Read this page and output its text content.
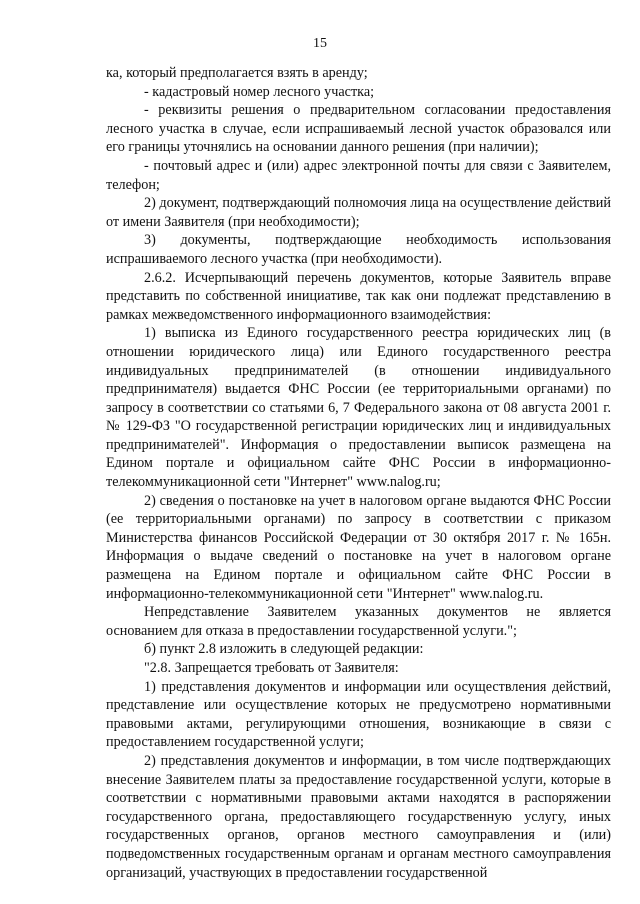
15

ка, который предполагается взять в аренду;

- кадастровый номер лесного участка;

- реквизиты решения о предварительном согласовании предоставления лесного участка в случае, если испрашиваемый лесной участок образовался или его границы уточнялись на основании данного решения (при наличии);

- почтовый адрес и (или) адрес электронной почты для связи с Заявителем, телефон;

2) документ, подтверждающий полномочия лица на осуществление действий от имени Заявителя (при необходимости);

3) документы, подтверждающие необходимость использования испрашиваемого лесного участка (при необходимости).

2.6.2. Исчерпывающий перечень документов, которые Заявитель вправе представить по собственной инициативе, так как они подлежат представлению в рамках межведомственного информационного взаимодействия:

1) выписка из Единого государственного реестра юридических лиц (в отношении юридического лица) или Единого государственного реестра индивидуальных предпринимателей (в отношении индивидуального предпринимателя) выдается ФНС России (ее территориальными органами) по запросу в соответствии со статьями 6, 7 Федерального закона от 08 августа 2001 г. № 129-ФЗ "О государственной регистрации юридических лиц и индивидуальных предпринимателей". Информация о предоставлении выписок размещена на Едином портале и официальном сайте ФНС России в информационно-телекоммуникационной сети "Интернет" www.nalog.ru;

2) сведения о постановке на учет в налоговом органе выдаются ФНС России (ее территориальными органами) по запросу в соответствии с приказом Министерства финансов Российской Федерации от 30 октября 2017 г. № 165н. Информация о выдаче сведений о постановке на учет в налоговом органе размещена на Едином портале и официальном сайте ФНС России в информационно-телекоммуникационной сети "Интернет" www.nalog.ru.

Непредставление Заявителем указанных документов не является основанием для отказа в предоставлении государственной услуги.";

б) пункт 2.8 изложить в следующей редакции:

"2.8. Запрещается требовать от Заявителя:

1) представления документов и информации или осуществления действий, представление или осуществление которых не предусмотрено нормативными правовыми актами, регулирующими отношения, возникающие в связи с предоставлением государственной услуги;

2) представления документов и информации, в том числе подтверждающих внесение Заявителем платы за предоставление государственной услуги, которые в соответствии с нормативными правовыми актами находятся в распоряжении государственного органа, предоставляющего государственную услугу, иных государственных органов, органов местного самоуправления и (или) подведомственных государственным органам и органам местного самоуправления организаций, участвующих в предоставлении государственной
